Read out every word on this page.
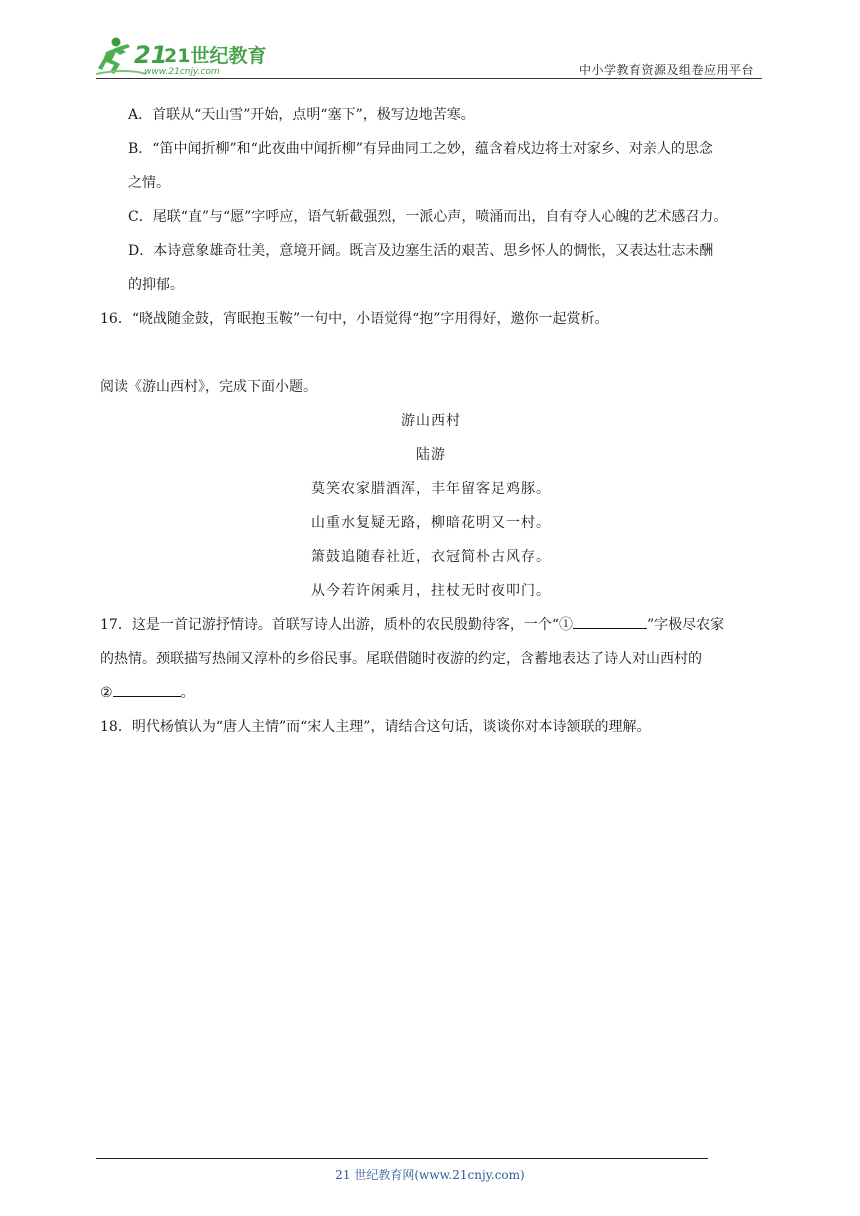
21
21世纪教育
www.21cnjy.com	中小学教育资源及组卷应用平台

A．首联从“天山雪”开始，点明“塞下”，极写边地苦寒。

B．“笛中闻折柳”和“此夜曲中闻折柳”有异曲同工之妙，蕴含着戍边将士对家乡、对亲人的思念

之情。

C．尾联“直”与“愿”字呼应，语气斩截强烈，一派心声，喷涌而出，自有夺人心魄的艺术感召力。

D．本诗意象雄奇壮美，意境开阔。既言及边塞生活的艰苦、思乡怀人的惆怅，又表达壮志未酬

的抑郁。

16．“晓战随金鼓，宵眠抱玉鞍”一句中，小语觉得“抱”字用得好，邀你一起赏析。

阅读《游山西村》，完成下面小题。

游山西村

陆游

莫笑农家腊酒浑，丰年留客足鸡豚。

山重水复疑无路，柳暗花明又一村。

箫鼓追随春社近，衣冠简朴古风存。

从今若许闲乘月，拄杖无时夜叩门。

17．这是一首记游抒情诗。首联写诗人出游，质朴的农民殷勤待客，一个“①	”字极尽农家

的热情。颈联描写热闹又淳朴的乡俗民事。尾联借随时夜游的约定，含蓄地表达了诗人对山西村的

②	。

18．明代杨慎认为“唐人主情”而“宋人主理”，请结合这句话，谈谈你对本诗颔联的理解。

21 世纪教育网(www.21cnjy.com)
